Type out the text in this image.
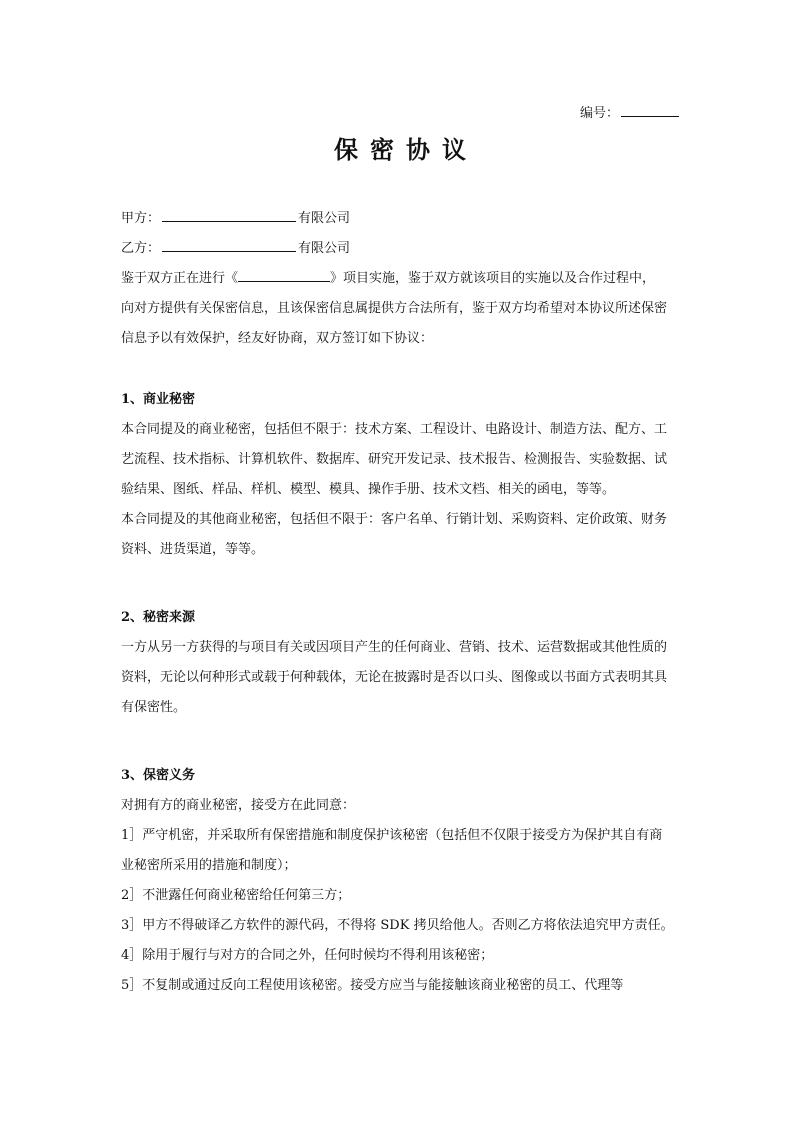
编号：
保密协议
甲方：	有限公司
乙方：	有限公司
鉴于双方正在进行《	》项目实施，鉴于双方就该项目的实施以及合作过程中，
向对方提供有关保密信息，且该保密信息属提供方合法所有，鉴于双方均希望对本协议所述保密
信息予以有效保护，经友好协商，双方签订如下协议：
1、商业秘密
本合同提及的商业秘密，包括但不限于：技术方案、工程设计、电路设计、制造方法、配方、工
艺流程、技术指标、计算机软件、数据库、研究开发记录、技术报告、检测报告、实验数据、试
验结果、图纸、样品、样机、模型、模具、操作手册、技术文档、相关的函电，等等。
本合同提及的其他商业秘密，包括但不限于：客户名单、行销计划、采购资料、定价政策、财务
资料、进货渠道，等等。
2、秘密来源
一方从另一方获得的与项目有关或因项目产生的任何商业、营销、技术、运营数据或其他性质的
资料，无论以何种形式或载于何种载体，无论在披露时是否以口头、图像或以书面方式表明其具
有保密性。
3、保密义务
对拥有方的商业秘密，接受方在此同意：
1］严守机密，并采取所有保密措施和制度保护该秘密（包括但不仅限于接受方为保护其自有商
业秘密所采用的措施和制度）；
2］不泄露任何商业秘密给任何第三方；
3］甲方不得破译乙方软件的源代码，不得将 SDK 拷贝给他人。否则乙方将依法追究甲方责任。
4］除用于履行与对方的合同之外，任何时候均不得利用该秘密；
5］不复制或通过反向工程使用该秘密。接受方应当与能接触该商业秘密的员工、代理等
